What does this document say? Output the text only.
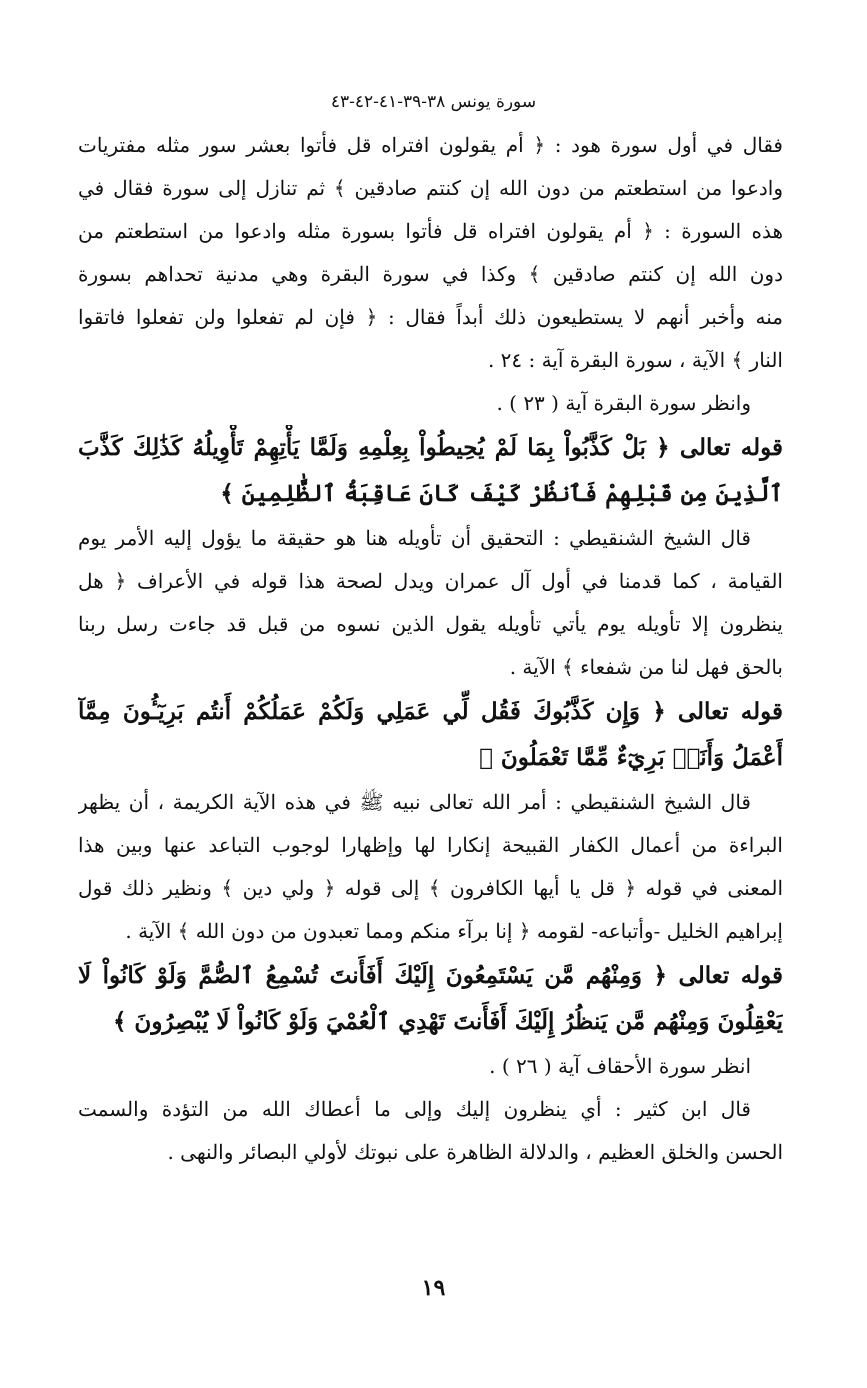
سورة يونس ٣٨-٣٩-٤١-٤٢-٤٣
فقال في أول سورة هود : ﴿ أم يقولون افتراه قل فأتوا بعشر سور مثله مفتريات
وادعوا من استطعتم من دون الله إن كنتم صادقين ﴾ ثم تنازل إلى سورة فقال في
هذه السورة : ﴿ أم يقولون افتراه قل فأتوا بسورة مثله وادعوا من استطعتم من
دون الله إن كنتم صادقين ﴾ وكذا في سورة البقرة وهي مدنية تحداهم بسورة
منه وأخبر أنهم لا يستطيعون ذلك أبداً فقال : ﴿ فإن لم تفعلوا ولن تفعلوا فاتقوا
النار ﴾ الآية ، سورة البقرة آية : ٢٤ .
وانظر سورة البقرة آية ( ٢٣ ) .
قوله تعالى ﴿ بَلْ كَذَّبُواْ بِمَا لَمْ يُحِيطُواْ بِعِلْمِهِ وَلَمَّا يَأْتِهِمْ تَأْوِيلُهُ كَذَٰلِكَ كَذَّبَ
ٱلَّذِينَ مِن قَبْلِهِمْ فَٱنظُرْ كَيْفَ كَانَ عَاقِبَةُ ٱلظَّٰلِمِينَ ﴾
قال الشيخ الشنقيطي : التحقيق أن تأويله هنا هو حقيقة ما يؤول إليه الأمر يوم
القيامة ، كما قدمنا في أول آل عمران ويدل لصحة هذا قوله في الأعراف ﴿ هل
ينظرون إلا تأويله يوم يأتي تأويله يقول الذين نسوه من قبل قد جاءت رسل ربنا
بالحق فهل لنا من شفعاء ﴾ الآية .
قوله تعالى ﴿ وَإِن كَذَّبُوكَ فَقُل لِّي عَمَلِي وَلَكُمْ عَمَلُكُمْ أَنتُم بَرِيٓـُٔونَ مِمَّآ
أَعْمَلُ وَأَنَا۠ بَرِيٓءٌ مِّمَّا تَعْمَلُونَ ﴾
قال الشيخ الشنقيطي : أمر الله تعالى نبيه ﷺ في هذه الآية الكريمة ، أن يظهر
البراءة من أعمال الكفار القبيحة إنكارا لها وإظهارا لوجوب التباعد عنها وبين هذا
المعنى في قوله ﴿ قل يا أيها الكافرون ﴾ إلى قوله ﴿ ولي دين ﴾ ونظير ذلك قول
إبراهيم الخليل -وأتباعه- لقومه ﴿ إنا برآء منكم ومما تعبدون من دون الله ﴾ الآية .
قوله تعالى ﴿ وَمِنْهُم مَّن يَسْتَمِعُونَ إِلَيْكَ أَفَأَنتَ تُسْمِعُ ٱلصُّمَّ وَلَوْ كَانُواْ لَا
يَعْقِلُونَ وَمِنْهُم مَّن يَنظُرُ إِلَيْكَ أَفَأَنتَ تَهْدِي ٱلْعُمْيَ وَلَوْ كَانُواْ لَا يُبْصِرُونَ ﴾
انظر سورة الأحقاف آية ( ٢٦ ) .
قال ابن كثير : أي ينظرون إليك وإلى ما أعطاك الله من التؤدة والسمت
الحسن والخلق العظيم ، والدلالة الظاهرة على نبوتك لأولي البصائر والنهى .
١٩
